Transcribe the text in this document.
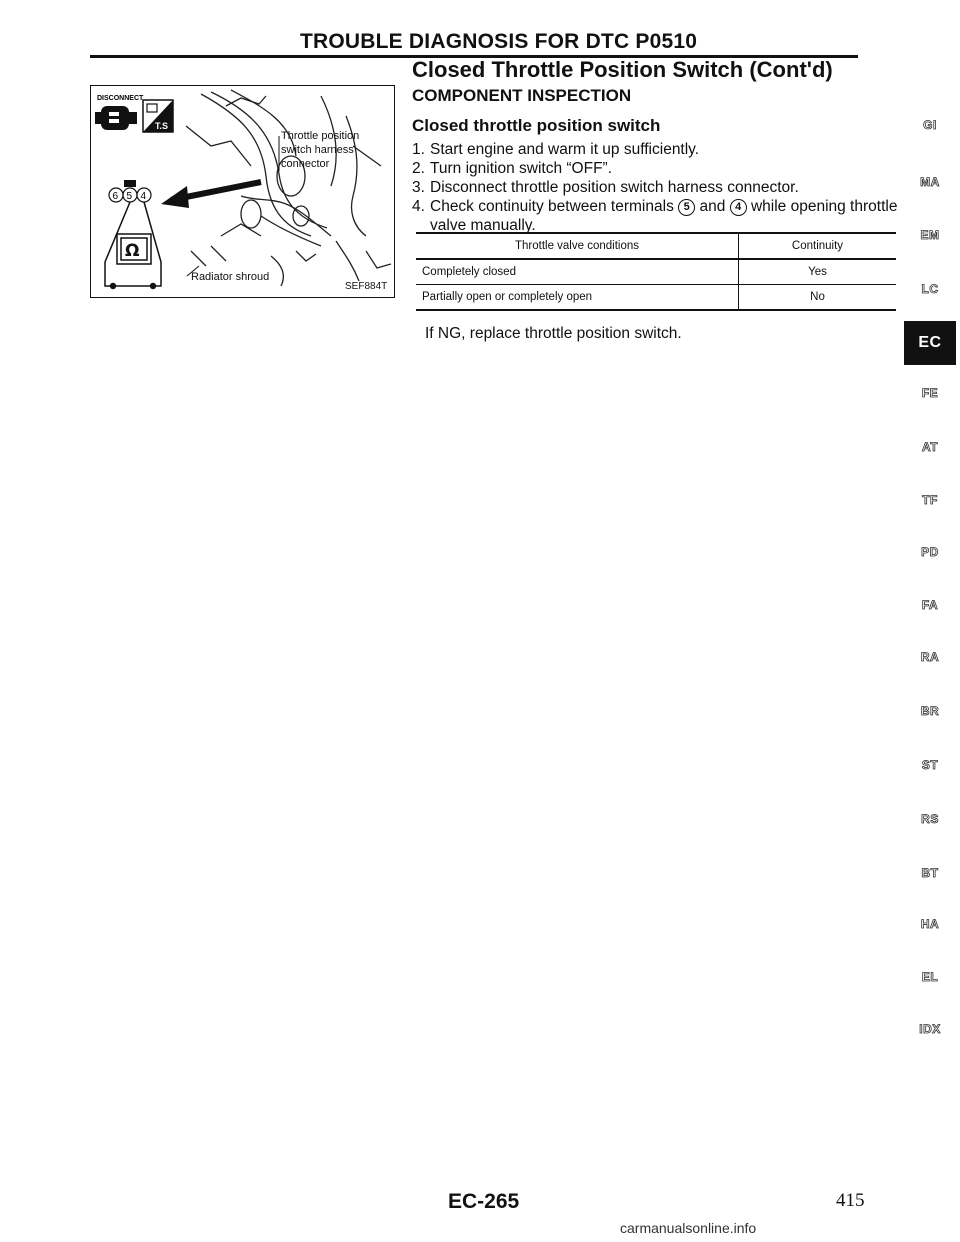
TROUBLE DIAGNOSIS FOR DTC P0510
Closed Throttle Position Switch (Cont'd)
COMPONENT INSPECTION
Closed throttle position switch
1. Start engine and warm it up sufficiently.
2. Turn ignition switch “OFF”.
3. Disconnect throttle position switch harness connector.
4. Check continuity between terminals 5 and 4 while opening throttle valve manually.
Throttle valve conditions	Continuity
Completely closed	Yes
Partially open or completely open	No
If NG, replace throttle position switch.
DISCONNECT
T.S
6 5 4
Ω
Throttle position
switch harness
connector
Radiator shroud
SEF884T
GI
MA
EM
LC
EC
FE
AT
TF
PD
FA
RA
BR
ST
RS
BT
HA
EL
IDX
EC-265	415
carmanualsonline.info
